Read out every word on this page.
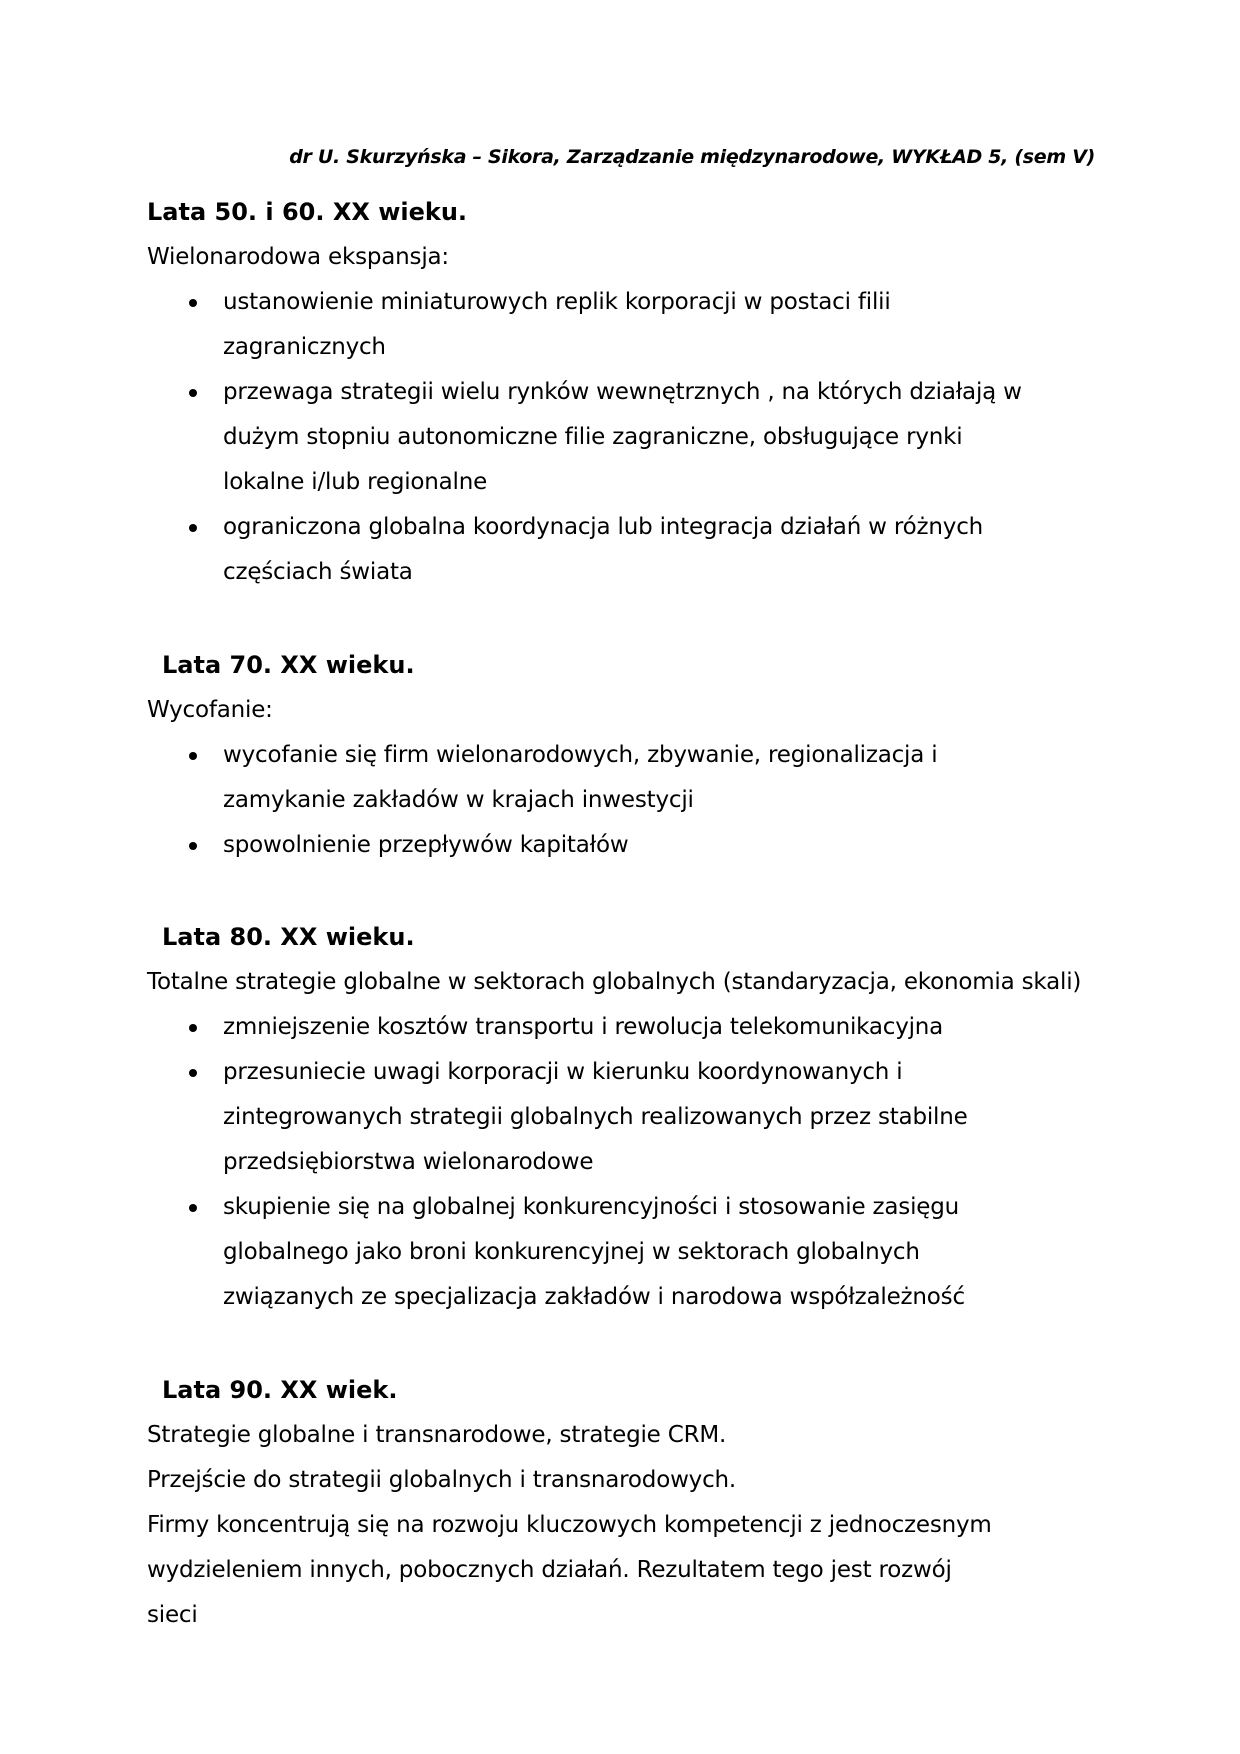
dr U. Skurzyńska – Sikora, Zarządzanie międzynarodowe, WYKŁAD 5, (sem V)
Lata 50. i 60. XX wieku.

Wielonarodowa ekspansja:

ustanowienie miniaturowych replik korporacji w postaci filii zagranicznych
przewaga strategii wielu rynków wewnętrznych , na których działają w dużym stopniu autonomiczne filie zagraniczne, obsługujące rynki lokalne i/lub regionalne
ograniczona globalna koordynacja lub integracja działań w różnych częściach świata
Lata 70. XX wieku.

Wycofanie:

wycofanie się firm wielonarodowych, zbywanie, regionalizacja i zamykanie zakładów w krajach inwestycji
spowolnienie przepływów kapitałów
Lata 80. XX wieku.

Totalne strategie globalne w sektorach globalnych (standaryzacja, ekonomia skali)

zmniejszenie kosztów transportu i rewolucja telekomunikacyjna
przesuniecie uwagi korporacji w kierunku koordynowanych i zintegrowanych strategii globalnych realizowanych przez stabilne przedsiębiorstwa wielonarodowe
skupienie się na globalnej konkurencyjności i stosowanie zasięgu globalnego jako broni konkurencyjnej w sektorach globalnych związanych ze specjalizacja zakładów i narodowa współzależność
Lata 90. XX wiek.

Strategie globalne i transnarodowe, strategie CRM.

Przejście do strategii globalnych i transnarodowych.

Firmy koncentrują się na rozwoju kluczowych kompetencji z jednoczesnym wydzieleniem innych, pobocznych działań. Rezultatem tego jest rozwój sieci
